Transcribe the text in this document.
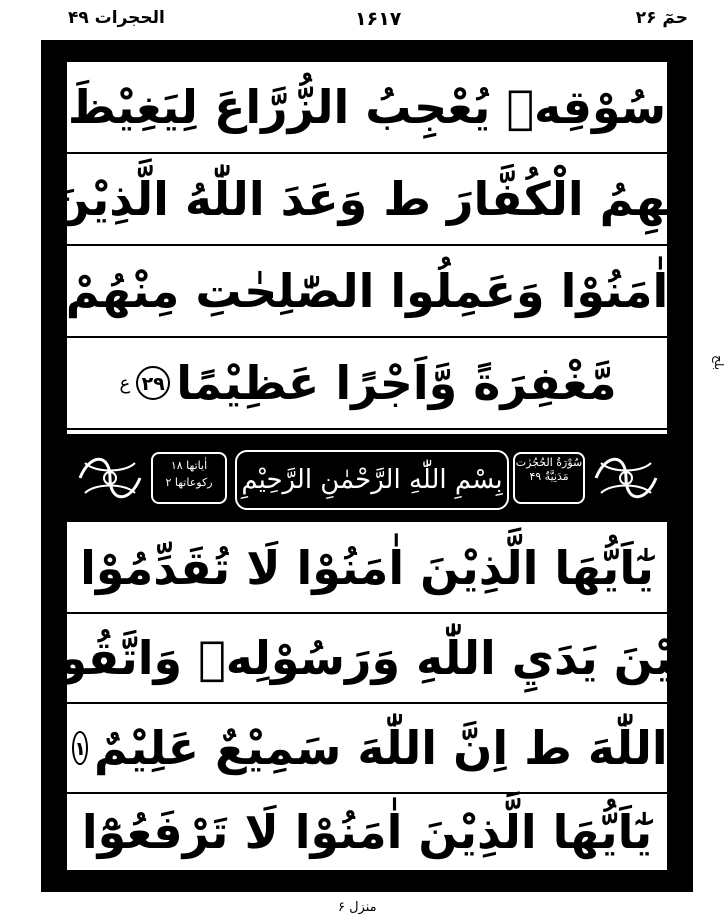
الحجرات ۴۹	۱۶۱۷	حمٓ ۲۶
ﺑﻠﺢ
سُوْقِهٖ يُعْجِبُ الزُّرَّاعَ لِيَغِيْظَ
بِهِمُ الْكُفَّارَ ط وَعَدَ اللّٰهُ الَّذِيْنَ
اٰمَنُوْا وَعَمِلُوا الصّٰلِحٰتِ مِنْهُمْ
مَّغْفِرَةً وَّاَجْرًا عَظِيْمًا
۲۹
ع
اٰياتها ۱۸
رکوعاتها ۲	بِسْمِ اللّٰهِ الرَّحْمٰنِ الرَّحِيْمِ
سُوْرَةُ الحُجُرٰت مَدَنِيَّةٌ ۴۹
يٰٓاَيُّهَا الَّذِيْنَ اٰمَنُوْا لَا تُقَدِّمُوْا
بَيْنَ يَدَيِ اللّٰهِ وَرَسُوْلِهٖ وَاتَّقُوا
اللّٰهَ ط اِنَّ اللّٰهَ سَمِيْعٌ عَلِيْمٌ
۱
يٰٓاَيُّهَا الَّذِيْنَ اٰمَنُوْا لَا تَرْفَعُوْٓا
منزل ۶
